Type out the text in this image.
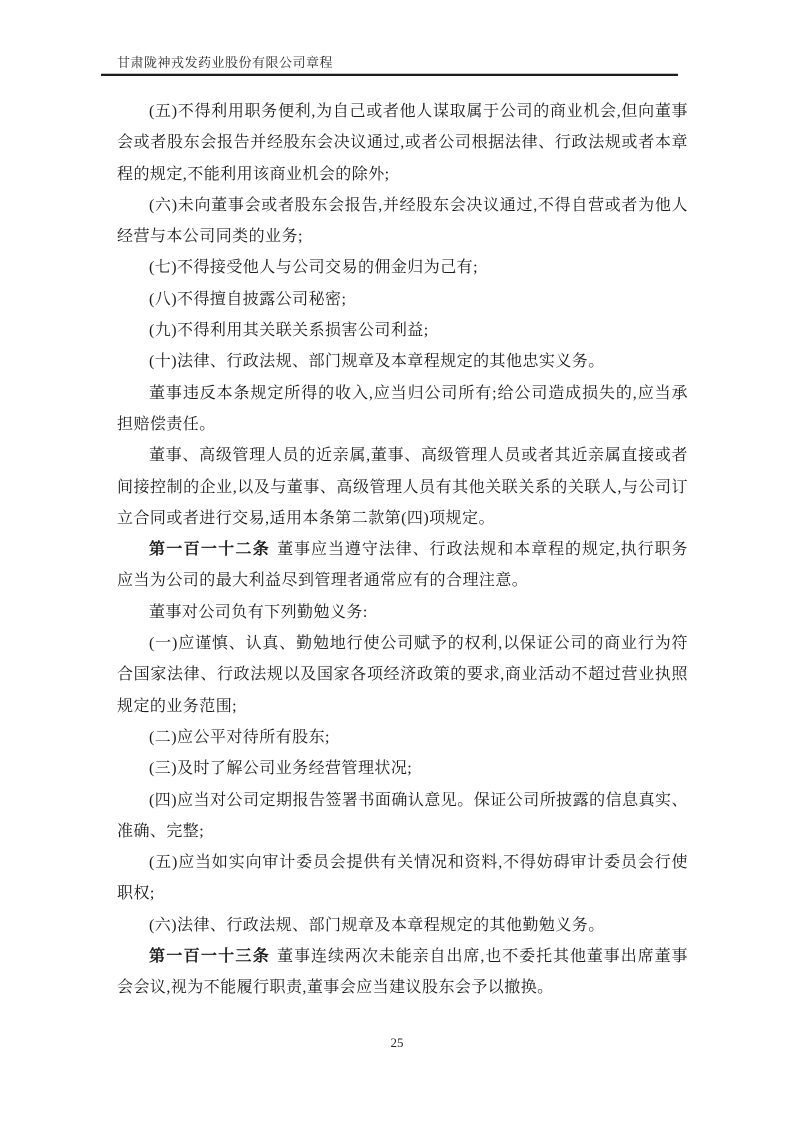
甘肃陇神戎发药业股份有限公司章程

(五)不得利用职务便利,为自己或者他人谋取属于公司的商业机会,但向董事会或者股东会报告并经股东会决议通过,或者公司根据法律、行政法规或者本章程的规定,不能利用该商业机会的除外;

(六)未向董事会或者股东会报告,并经股东会决议通过,不得自营或者为他人经营与本公司同类的业务;

(七)不得接受他人与公司交易的佣金归为己有;

(八)不得擅自披露公司秘密;

(九)不得利用其关联关系损害公司利益;

(十)法律、行政法规、部门规章及本章程规定的其他忠实义务。

董事违反本条规定所得的收入,应当归公司所有;给公司造成损失的,应当承担赔偿责任。

董事、高级管理人员的近亲属,董事、高级管理人员或者其近亲属直接或者间接控制的企业,以及与董事、高级管理人员有其他关联关系的关联人,与公司订立合同或者进行交易,适用本条第二款第(四)项规定。

第一百一十二条 董事应当遵守法律、行政法规和本章程的规定,执行职务应当为公司的最大利益尽到管理者通常应有的合理注意。

董事对公司负有下列勤勉义务:

(一)应谨慎、认真、勤勉地行使公司赋予的权利,以保证公司的商业行为符合国家法律、行政法规以及国家各项经济政策的要求,商业活动不超过营业执照规定的业务范围;

(二)应公平对待所有股东;

(三)及时了解公司业务经营管理状况;

(四)应当对公司定期报告签署书面确认意见。保证公司所披露的信息真实、准确、完整;

(五)应当如实向审计委员会提供有关情况和资料,不得妨碍审计委员会行使职权;

(六)法律、行政法规、部门规章及本章程规定的其他勤勉义务。

第一百一十三条 董事连续两次未能亲自出席,也不委托其他董事出席董事会会议,视为不能履行职责,董事会应当建议股东会予以撤换。

25
